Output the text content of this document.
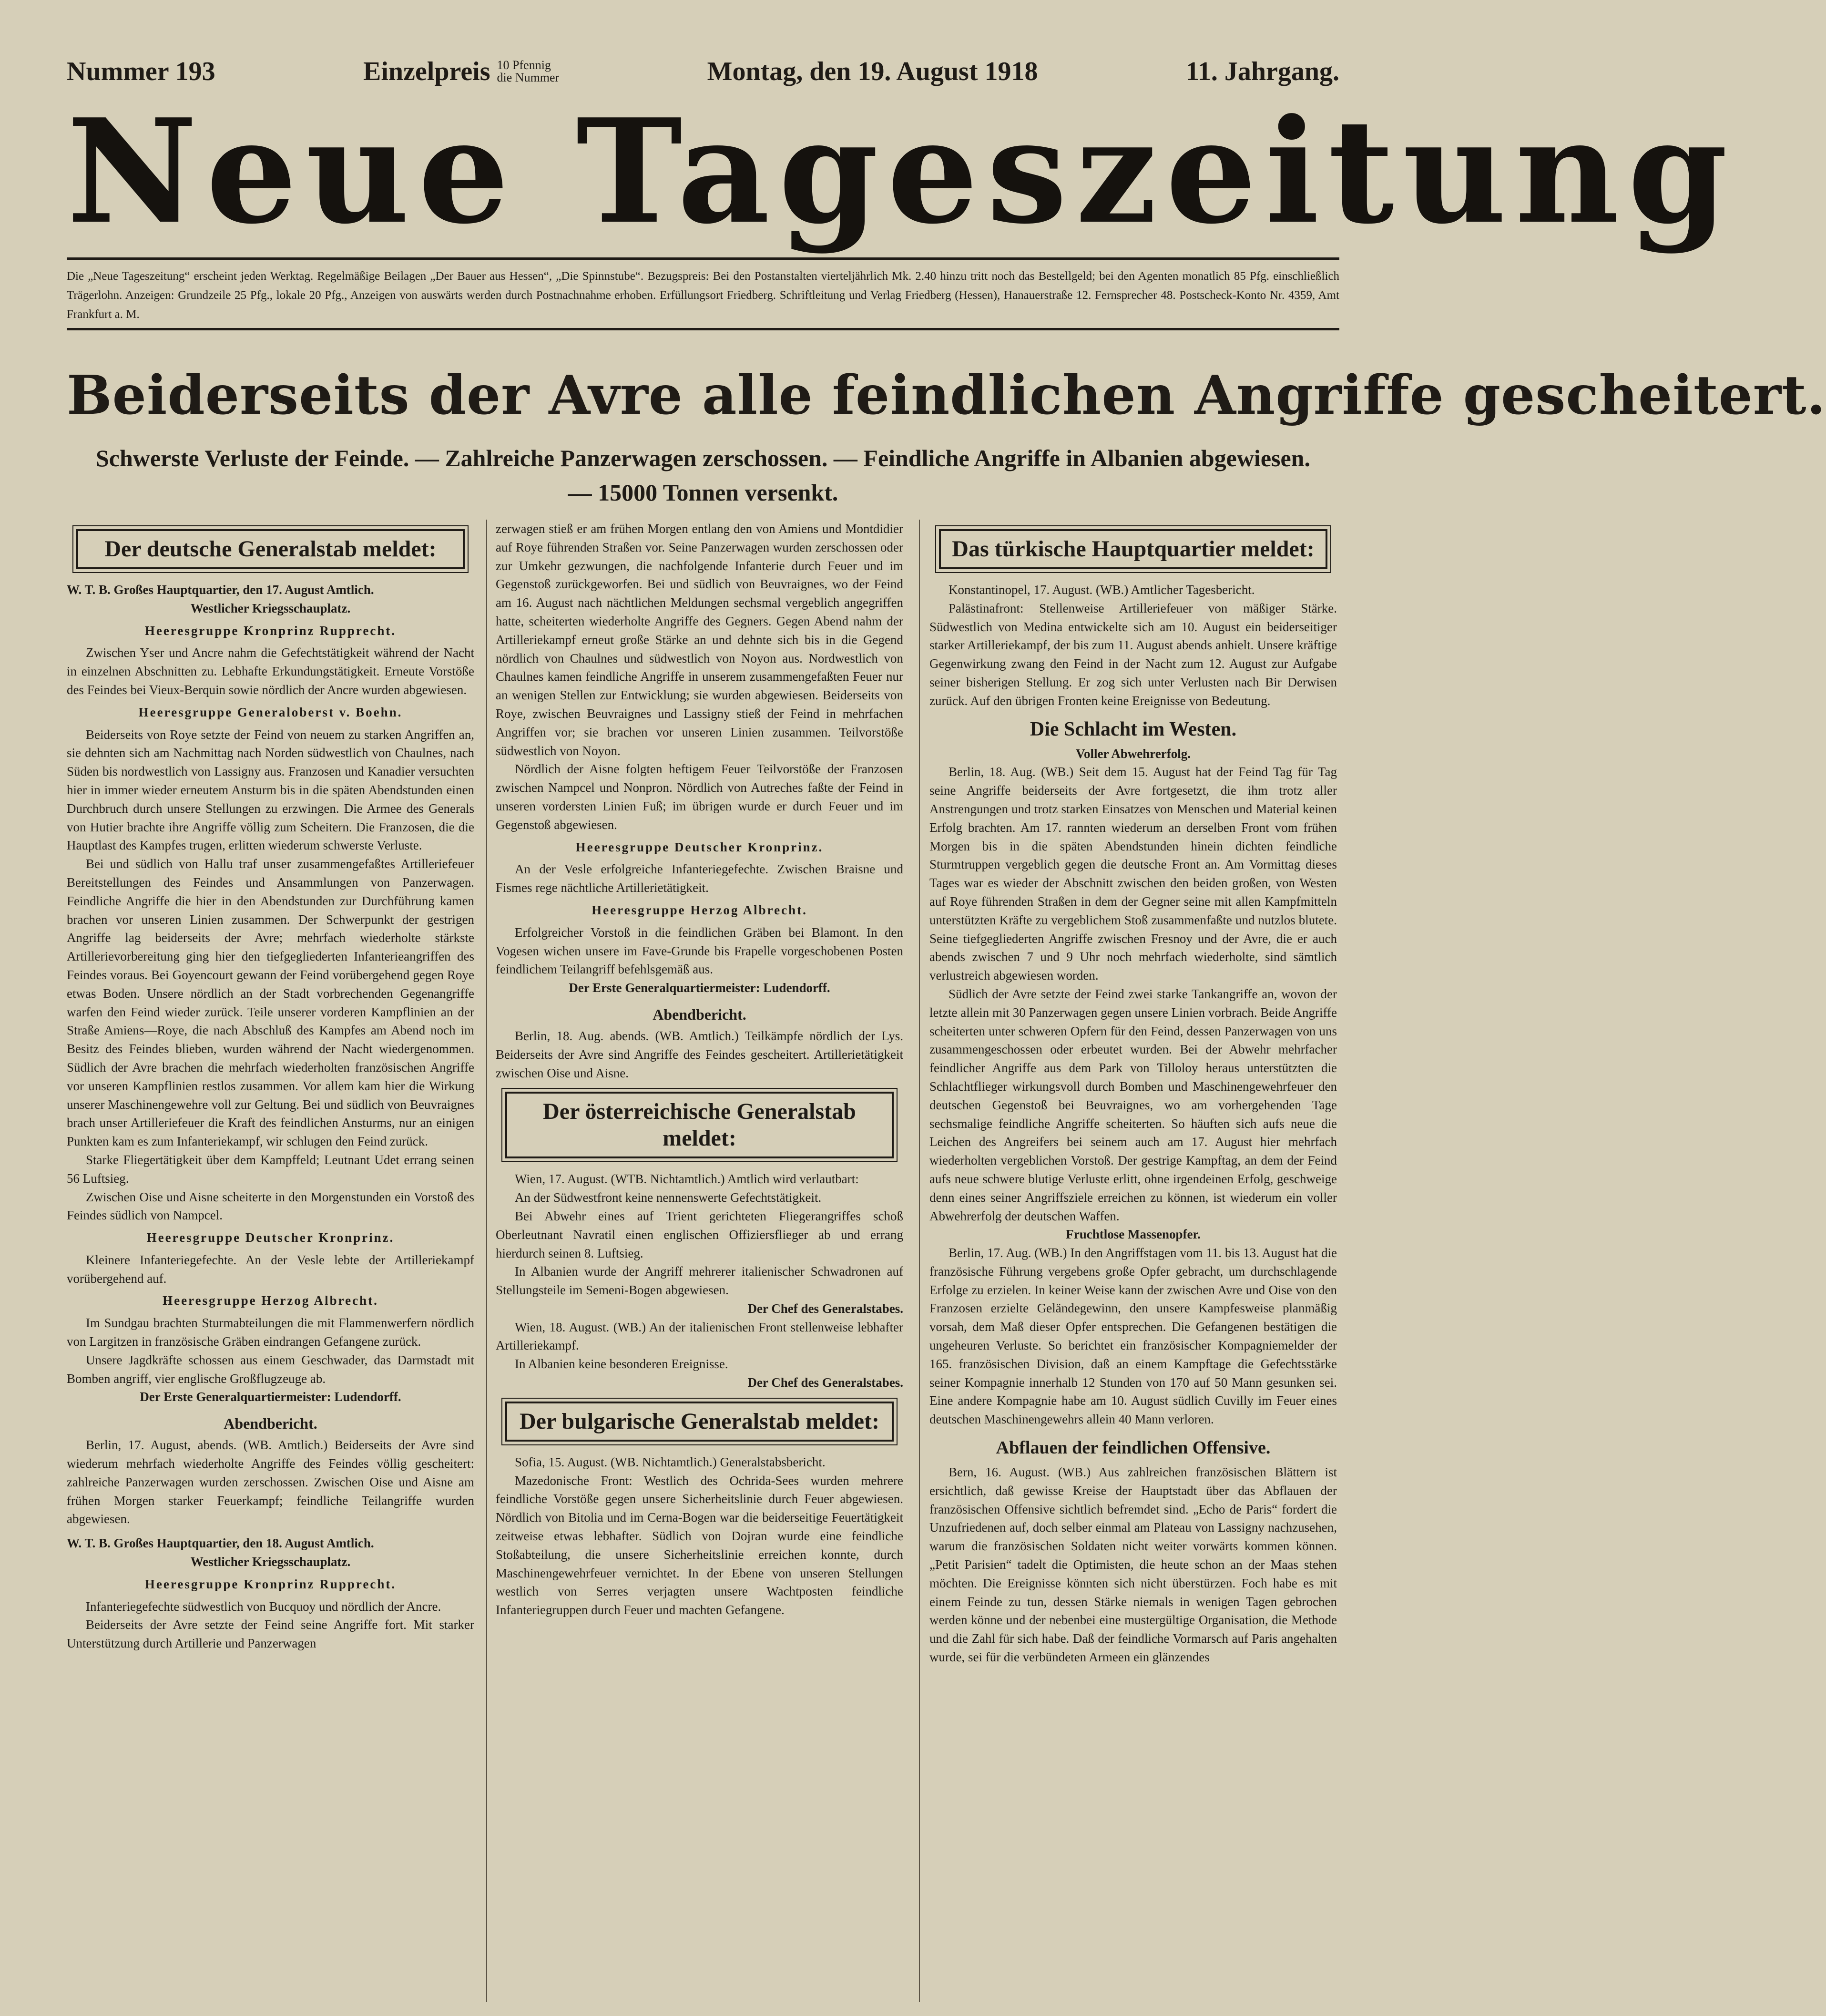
Nummer 193	Einzelpreis 10 Pfennig
die Nummer	Montag, den 19. August 1918	11. Jahrgang.
Neue Tageszeitung
Die „Neue Tageszeitung“ erscheint jeden Werktag. Regelmäßige Beilagen „Der Bauer aus Hessen“, „Die Spinnstube“. Bezugspreis: Bei den Postanstalten vierteljährlich Mk. 2.40 hinzu tritt noch das Bestellgeld; bei den Agenten monatlich 85 Pfg. einschließlich Trägerlohn. Anzeigen: Grundzeile 25 Pfg., lokale 20 Pfg., Anzeigen von auswärts werden durch Postnachnahme erhoben. Erfüllungsort Friedberg. Schriftleitung und Verlag Friedberg (Hessen), Hanauerstraße 12. Fernsprecher 48. Postscheck-Konto Nr. 4359, Amt Frankfurt a. M.
Beiderseits der Avre alle feindlichen Angriffe gescheitert.
Schwerste Verluste der Feinde. — Zahlreiche Panzerwagen zerschossen. — Feindliche Angriffe in Albanien abgewiesen. — 15000 Tonnen versenkt.
Der deutsche Generalstab meldet:

W. T. B. Großes Hauptquartier, den 17. August Amtlich.

Westlicher Kriegsschauplatz.
Heeresgruppe Kronprinz Rupprecht.

Zwischen Yser und Ancre nahm die Gefechtstätigkeit während der Nacht in einzelnen Abschnitten zu. Lebhafte Erkundungstätigkeit. Erneute Vorstöße des Feindes bei Vieux-Berquin sowie nördlich der Ancre wurden abgewiesen.

Heeresgruppe Generaloberst v. Boehn.

Beiderseits von Roye setzte der Feind von neuem zu starken Angriffen an, sie dehnten sich am Nachmittag nach Norden südwestlich von Chaulnes, nach Süden bis nordwestlich von Lassigny aus. Franzosen und Kanadier versuchten hier in immer wieder erneutem Ansturm bis in die späten Abendstunden einen Durchbruch durch unsere Stellungen zu erzwingen. Die Armee des Generals von Hutier brachte ihre Angriffe völlig zum Scheitern. Die Franzosen, die die Hauptlast des Kampfes trugen, erlitten wiederum schwerste Verluste.

Bei und südlich von Hallu traf unser zusammengefaßtes Artilleriefeuer Bereitstellungen des Feindes und Ansammlungen von Panzerwagen. Feindliche Angriffe die hier in den Abendstunden zur Durchführung kamen brachen vor unseren Linien zusammen. Der Schwerpunkt der gestrigen Angriffe lag beiderseits der Avre; mehrfach wiederholte stärkste Artillerievorbereitung ging hier den tiefgegliederten Infanterieangriffen des Feindes voraus. Bei Goyencourt gewann der Feind vorübergehend gegen Roye etwas Boden. Unsere nördlich an der Stadt vorbrechenden Gegenangriffe warfen den Feind wieder zurück. Teile unserer vorderen Kampflinien an der Straße Amiens—Roye, die nach Abschluß des Kampfes am Abend noch im Besitz des Feindes blieben, wurden während der Nacht wiedergenommen. Südlich der Avre brachen die mehrfach wiederholten französischen Angriffe vor unseren Kampflinien restlos zusammen. Vor allem kam hier die Wirkung unserer Maschinengewehre voll zur Geltung. Bei und südlich von Beuvraignes brach unser Artilleriefeuer die Kraft des feindlichen Ansturms, nur an einigen Punkten kam es zum Infanteriekampf, wir schlugen den Feind zurück.

Starke Fliegertätigkeit über dem Kampffeld; Leutnant Udet errang seinen 56 Luftsieg.

Zwischen Oise und Aisne scheiterte in den Morgenstunden ein Vorstoß des Feindes südlich von Nampcel.

Heeresgruppe Deutscher Kronprinz.

Kleinere Infanteriegefechte. An der Vesle lebte der Artilleriekampf vorübergehend auf.

Heeresgruppe Herzog Albrecht.

Im Sundgau brachten Sturmabteilungen die mit Flammenwerfern nördlich von Largitzen in französische Gräben eindrangen Gefangene zurück.

Unsere Jagdkräfte schossen aus einem Geschwader, das Darmstadt mit Bomben angriff, vier englische Großflugzeuge ab.

Der Erste Generalquartiermeister: Ludendorff.
Abendbericht.

Berlin, 17. August, abends. (WB. Amtlich.) Beiderseits der Avre sind wiederum mehrfach wiederholte Angriffe des Feindes völlig gescheitert: zahlreiche Panzerwagen wurden zerschossen. Zwischen Oise und Aisne am frühen Morgen starker Feuerkampf; feindliche Teilangriffe wurden abgewiesen.

W. T. B. Großes Hauptquartier, den 18. August Amtlich.

Westlicher Kriegsschauplatz.
Heeresgruppe Kronprinz Rupprecht.

Infanteriegefechte südwestlich von Bucquoy und nördlich der Ancre.

Beiderseits der Avre setzte der Feind seine Angriffe fort. Mit starker Unterstützung durch Artillerie und Panzerwagen

zerwagen stieß er am frühen Morgen entlang den von Amiens und Montdidier auf Roye führenden Straßen vor. Seine Panzerwagen wurden zerschossen oder zur Umkehr gezwungen, die nachfolgende Infanterie durch Feuer und im Gegenstoß zurückgeworfen. Bei und südlich von Beuvraignes, wo der Feind am 16. August nach nächtlichen Meldungen sechsmal vergeblich angegriffen hatte, scheiterten wiederholte Angriffe des Gegners. Gegen Abend nahm der Artilleriekampf erneut große Stärke an und dehnte sich bis in die Gegend nördlich von Chaulnes und südwestlich von Noyon aus. Nordwestlich von Chaulnes kamen feindliche Angriffe in unserem zusammengefaßten Feuer nur an wenigen Stellen zur Entwicklung; sie wurden abgewiesen. Beiderseits von Roye, zwischen Beuvraignes und Lassigny stieß der Feind in mehrfachen Angriffen vor; sie brachen vor unseren Linien zusammen. Teilvorstöße südwestlich von Noyon.

Nördlich der Aisne folgten heftigem Feuer Teilvorstöße der Franzosen zwischen Nampcel und Nonpron. Nördlich von Autreches faßte der Feind in unseren vordersten Linien Fuß; im übrigen wurde er durch Feuer und im Gegenstoß abgewiesen.

Heeresgruppe Deutscher Kronprinz.

An der Vesle erfolgreiche Infanteriegefechte. Zwischen Braisne und Fismes rege nächtliche Artillerietätigkeit.

Heeresgruppe Herzog Albrecht.

Erfolgreicher Vorstoß in die feindlichen Gräben bei Blamont. In den Vogesen wichen unsere im Fave-Grunde bis Frapelle vorgeschobenen Posten feindlichem Teilangriff befehlsgemäß aus.

Der Erste Generalquartiermeister: Ludendorff.
Abendbericht.

Berlin, 18. Aug. abends. (WB. Amtlich.) Teilkämpfe nördlich der Lys. Beiderseits der Avre sind Angriffe des Feindes gescheitert. Artillerietätigkeit zwischen Oise und Aisne.

Der österreichische Generalstab meldet:

Wien, 17. August. (WTB. Nichtamtlich.) Amtlich wird verlautbart:

An der Südwestfront keine nennenswerte Gefechtstätigkeit.

Bei Abwehr eines auf Trient gerichteten Fliegerangriffes schoß Oberleutnant Navratil einen englischen Offiziersflieger ab und errang hierdurch seinen 8. Luftsieg.

In Albanien wurde der Angriff mehrerer italienischer Schwadronen auf Stellungsteile im Semeni-Bogen abgewiesen.

Der Chef des Generalstabes.

Wien, 18. August. (WB.) An der italienischen Front stellenweise lebhafter Artilleriekampf.

In Albanien keine besonderen Ereignisse.

Der Chef des Generalstabes.
Der bulgarische Generalstab meldet:

Sofia, 15. August. (WB. Nichtamtlich.) Generalstabsbericht.

Mazedonische Front: Westlich des Ochrida-Sees wurden mehrere feindliche Vorstöße gegen unsere Sicherheitslinie durch Feuer abgewiesen. Nördlich von Bitolia und im Cerna-Bogen war die beiderseitige Feuertätigkeit zeitweise etwas lebhafter. Südlich von Dojran wurde eine feindliche Stoßabteilung, die unsere Sicherheitslinie erreichen konnte, durch Maschinengewehrfeuer vernichtet. In der Ebene von unseren Stellungen westlich von Serres verjagten unsere Wachtposten feindliche Infanteriegruppen durch Feuer und machten Gefangene.

Das türkische Hauptquartier meldet:

Konstantinopel, 17. August. (WB.) Amtlicher Tagesbericht.

Palästinafront: Stellenweise Artilleriefeuer von mäßiger Stärke. Südwestlich von Medina entwickelte sich am 10. August ein beiderseitiger starker Artilleriekampf, der bis zum 11. August abends anhielt. Unsere kräftige Gegenwirkung zwang den Feind in der Nacht zum 12. August zur Aufgabe seiner bisherigen Stellung. Er zog sich unter Verlusten nach Bir Derwisen zurück. Auf den übrigen Fronten keine Ereignisse von Bedeutung.

Die Schlacht im Westen.
Voller Abwehrerfolg.

Berlin, 18. Aug. (WB.) Seit dem 15. August hat der Feind Tag für Tag seine Angriffe beiderseits der Avre fortgesetzt, die ihm trotz aller Anstrengungen und trotz starken Einsatzes von Menschen und Material keinen Erfolg brachten. Am 17. rannten wiederum an derselben Front vom frühen Morgen bis in die späten Abendstunden hinein dichten feindliche Sturmtruppen vergeblich gegen die deutsche Front an. Am Vormittag dieses Tages war es wieder der Abschnitt zwischen den beiden großen, von Westen auf Roye führenden Straßen in dem der Gegner seine mit allen Kampfmitteln unterstützten Kräfte zu vergeblichem Stoß zusammenfaßte und nutzlos blutete. Seine tiefgegliederten Angriffe zwischen Fresnoy und der Avre, die er auch abends zwischen 7 und 9 Uhr noch mehrfach wiederholte, sind sämtlich verlustreich abgewiesen worden.

Südlich der Avre setzte der Feind zwei starke Tankangriffe an, wovon der letzte allein mit 30 Panzerwagen gegen unsere Linien vorbrach. Beide Angriffe scheiterten unter schweren Opfern für den Feind, dessen Panzerwagen von uns zusammengeschossen oder erbeutet wurden. Bei der Abwehr mehrfacher feindlicher Angriffe aus dem Park von Tilloloy heraus unterstützten die Schlachtflieger wirkungsvoll durch Bomben und Maschinengewehrfeuer den deutschen Gegenstoß bei Beuvraignes, wo am vorhergehenden Tage sechsmalige feindliche Angriffe scheiterten. So häuften sich aufs neue die Leichen des Angreifers bei seinem auch am 17. August hier mehrfach wiederholten vergeblichen Vorstoß. Der gestrige Kampftag, an dem der Feind aufs neue schwere blutige Verluste erlitt, ohne irgendeinen Erfolg, geschweige denn eines seiner Angriffsziele erreichen zu können, ist wiederum ein voller Abwehrerfolg der deutschen Waffen.

Fruchtlose Massenopfer.

Berlin, 17. Aug. (WB.) In den Angriffstagen vom 11. bis 13. August hat die französische Führung vergebens große Opfer gebracht, um durchschlagende Erfolge zu erzielen. In keiner Weise kann der zwischen Avre und Oise von den Franzosen erzielte Geländegewinn, den unsere Kampfesweise planmäßig vorsah, dem Maß dieser Opfer entsprechen. Die Gefangenen bestätigen die ungeheuren Verluste. So berichtet ein französischer Kompagniemelder der 165. französischen Division, daß an einem Kampftage die Gefechtsstärke seiner Kompagnie innerhalb 12 Stunden von 170 auf 50 Mann gesunken sei. Eine andere Kompagnie habe am 10. August südlich Cuvilly im Feuer eines deutschen Maschinengewehrs allein 40 Mann verloren.

Abflauen der feindlichen Offensive.

Bern, 16. August. (WB.) Aus zahlreichen französischen Blättern ist ersichtlich, daß gewisse Kreise der Hauptstadt über das Abflauen der französischen Offensive sichtlich befremdet sind. „Echo de Paris“ fordert die Unzufriedenen auf, doch selber einmal am Plateau von Lassigny nachzusehen, warum die französischen Soldaten nicht weiter vorwärts kommen können. „Petit Parisien“ tadelt die Optimisten, die heute schon an der Maas stehen möchten. Die Ereignisse könnten sich nicht überstürzen. Foch habe es mit einem Feinde zu tun, dessen Stärke niemals in wenigen Tagen gebrochen werden könne und der nebenbei eine mustergültige Organisation, die Methode und die Zahl für sich habe. Daß der feindliche Vormarsch auf Paris angehalten wurde, sei für die verbündeten Armeen ein glänzendes
